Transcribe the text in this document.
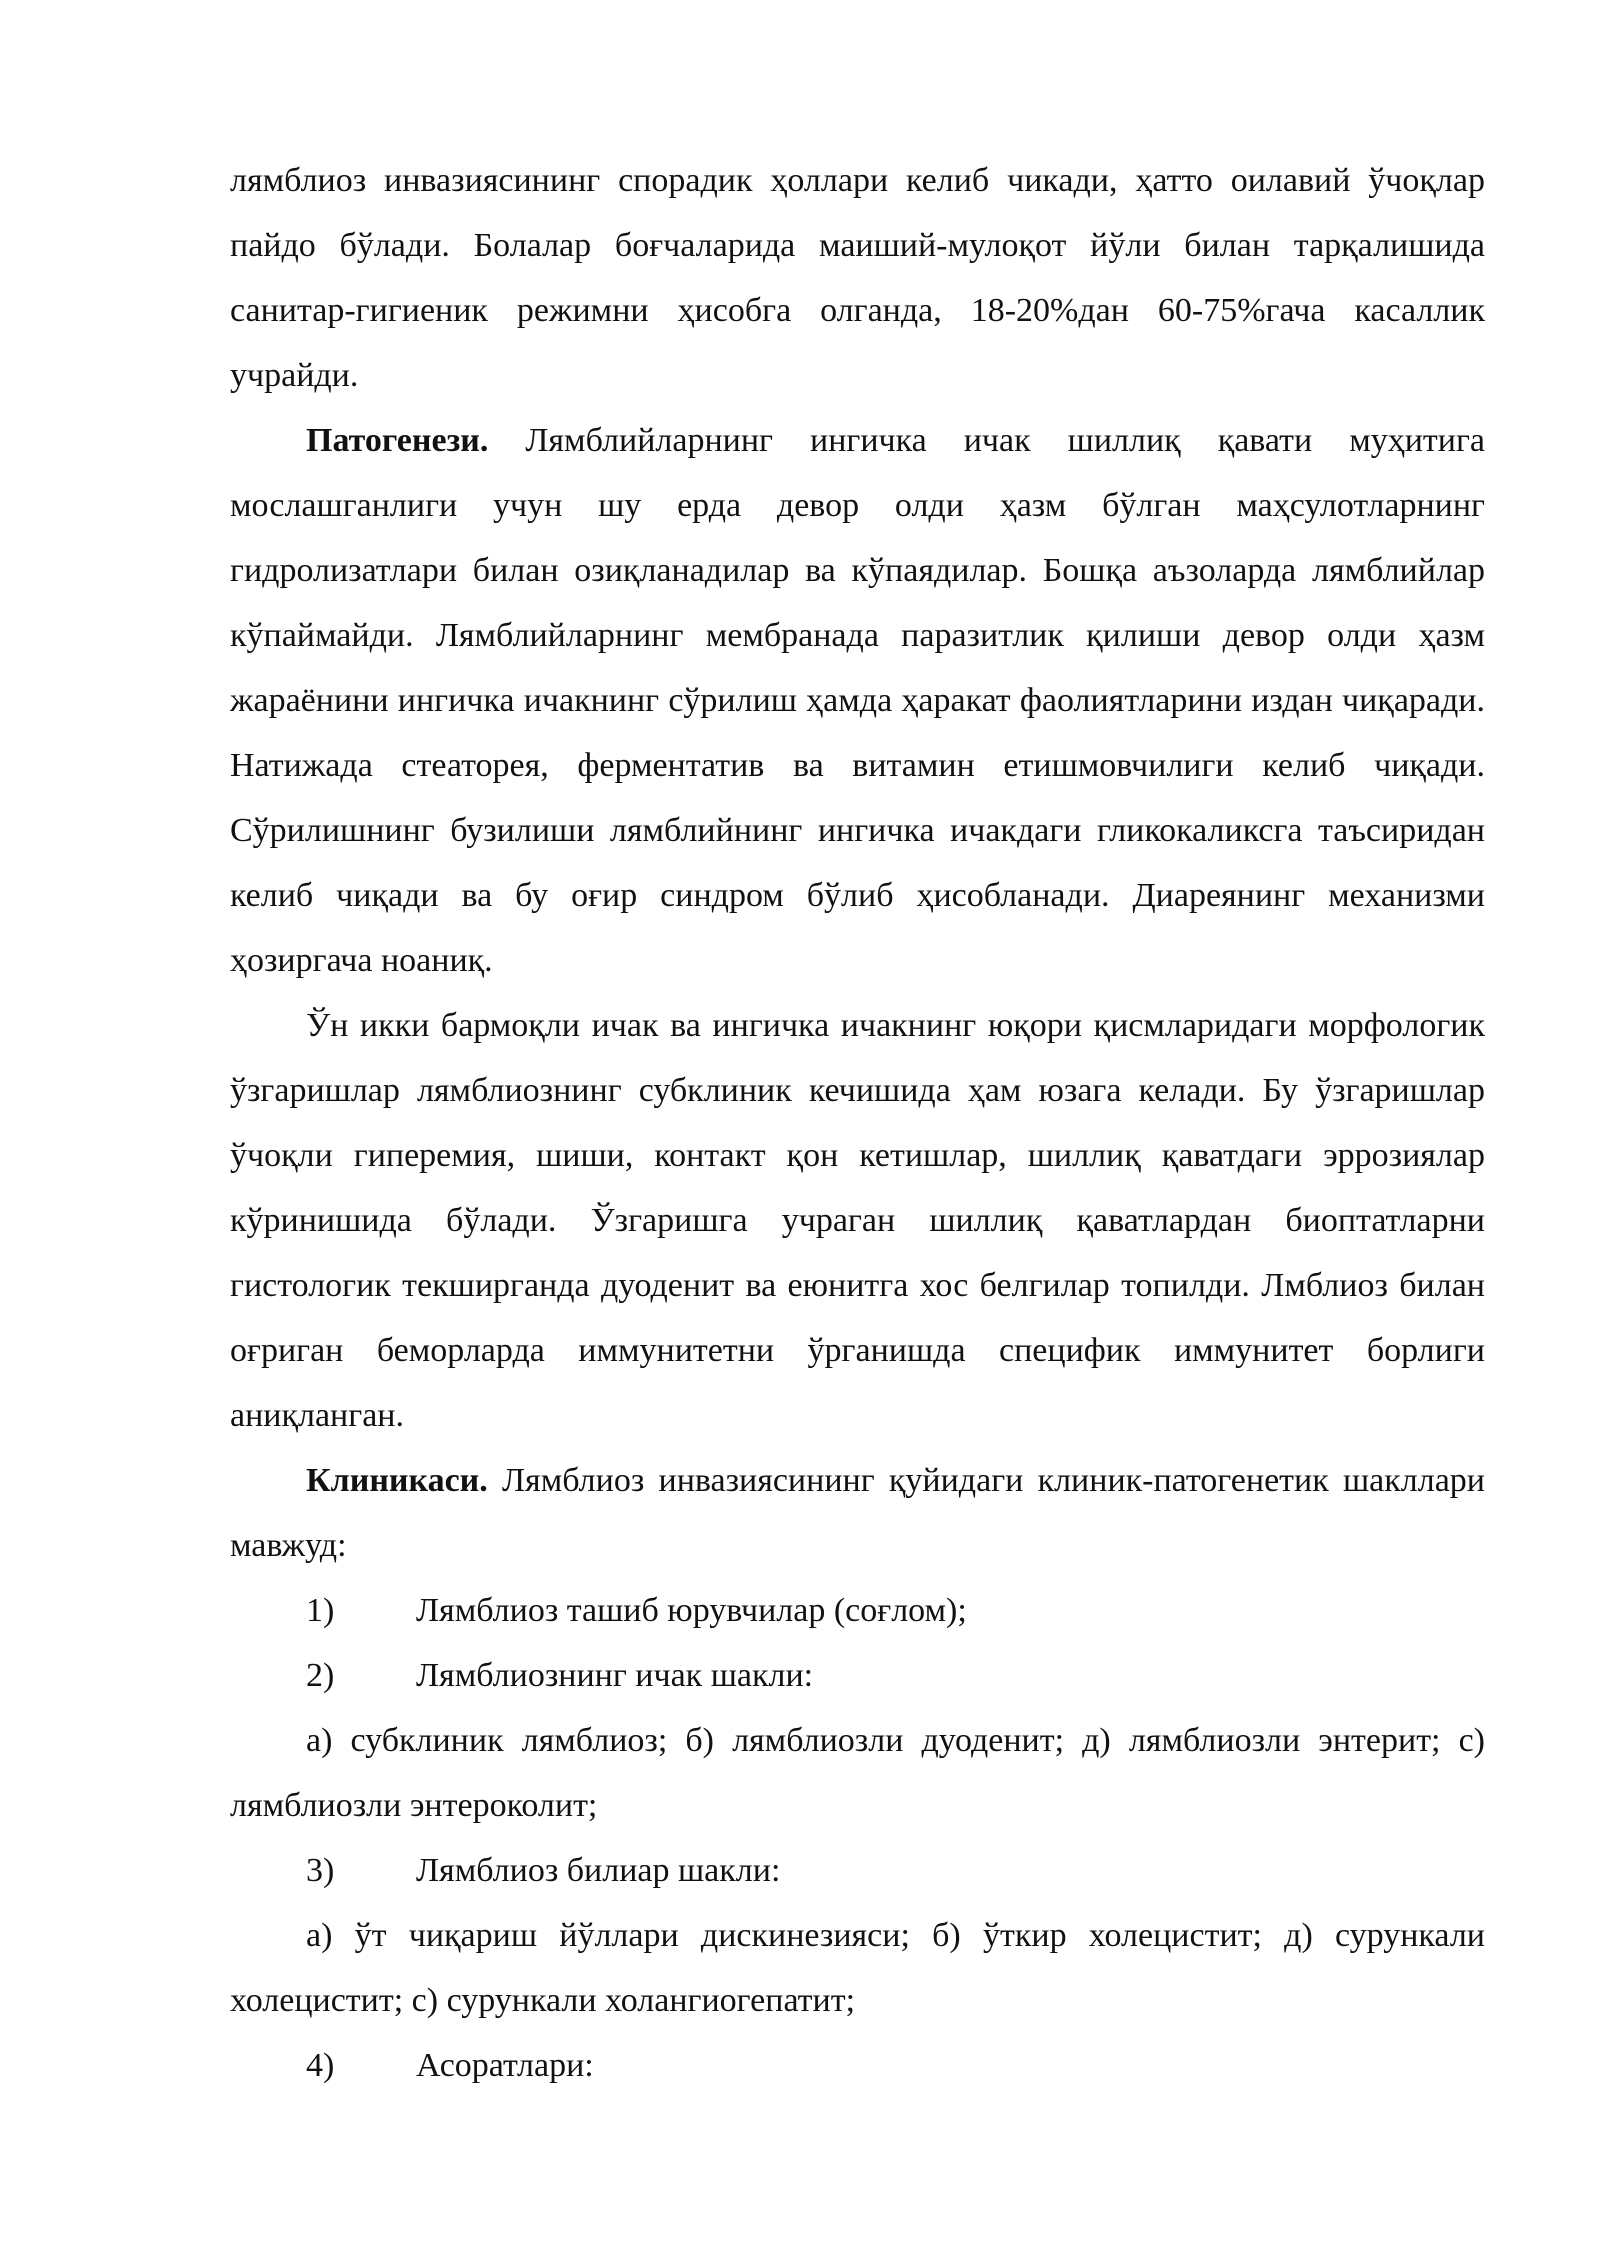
лямблиоз инвазиясининг спорадик ҳоллари келиб чикади, ҳатто оилавий ўчоқлар пайдо бўлади. Болалар боғчаларида маиший-мулоқот йўли билан тарқалишида санитар-гигиеник режимни ҳисобга олганда, 18-20%дан 60-75%гача касаллик учрайди.

Патогенези. Лямблийларнинг ингичка ичак шиллиқ қавати муҳитига мослашганлиги учун шу ерда девор олди ҳазм бўлган маҳсулотларнинг гидролизатлари билан озиқланадилар ва кўпаядилар. Бошқа аъзоларда лямблийлар кўпаймайди. Лямблийларнинг мембранада паразитлик қилиши девор олди ҳазм жараёнини ингичка ичакнинг сўрилиш ҳамда ҳаракат фаолиятларини издан чиқаради. Натижада стеаторея, ферментатив ва витамин етишмовчилиги келиб чиқади. Сўрилишнинг бузилиши лямблийнинг ингичка ичакдаги гликокаликсга таъсиридан келиб чиқади ва бу оғир синдром бўлиб ҳисобланади. Диареянинг механизми ҳозиргача ноаниқ.

Ўн икки бармоқли ичак ва ингичка ичакнинг юқори қисмларидаги морфологик ўзгаришлар лямблиознинг субклиник кечишида ҳам юзага келади. Бу ўзгаришлар ўчоқли гиперемия, шиши, контакт қон кетишлар, шиллиқ қаватдаги эррозиялар кўринишида бўлади. Ўзгаришга учраган шиллиқ қаватлардан биоптатларни гистологик текширганда дуоденит ва еюнитга хос белгилар топилди. Лмблиоз билан оғриган беморларда иммунитетни ўрганишда специфик иммунитет борлиги аниқланган.

Клиникаси. Лямблиоз инвазиясининг қуйидаги клиник-патогенетик шакллари мавжуд:

1)	Лямблиоз ташиб юрувчилар (соғлом);
2)	Лямблиознинг ичак шакли:

а) субклиник лямблиоз; б) лямблиозли дуоденит; д) лямблиозли энтерит; с) лямблиозли энтероколит;

3)	Лямблиоз билиар шакли:

а) ўт чиқариш йўллари дискинезияси; б) ўткир холецистит; д) сурункали холецистит; с) сурункали холангиогепатит;

4)	Асоратлари:
